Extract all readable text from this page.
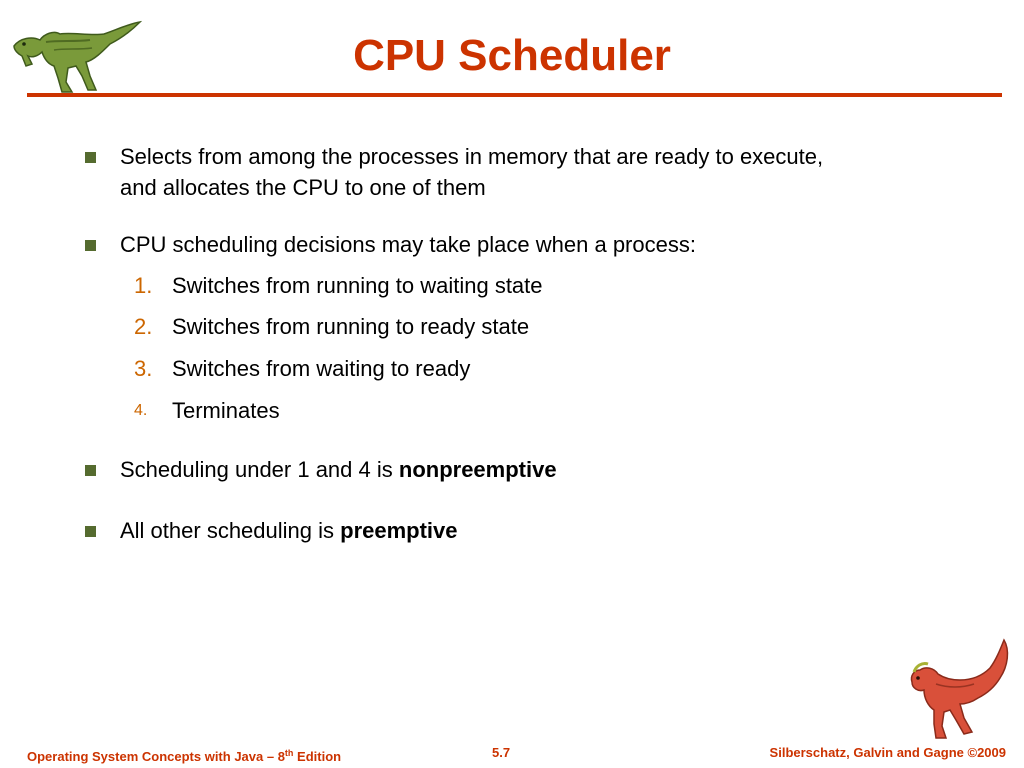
CPU Scheduler
Selects from among the processes in memory that are ready to execute, and allocates the CPU to one of them
CPU scheduling decisions may take place when a process:
1. Switches from running to waiting state
2. Switches from running to ready state
3. Switches from waiting to ready
4.	Terminates
Scheduling under 1 and 4 is nonpreemptive
All other scheduling is preemptive
Operating System Concepts with Java – 8th Edition	5.7	Silberschatz, Galvin and Gagne ©2009
